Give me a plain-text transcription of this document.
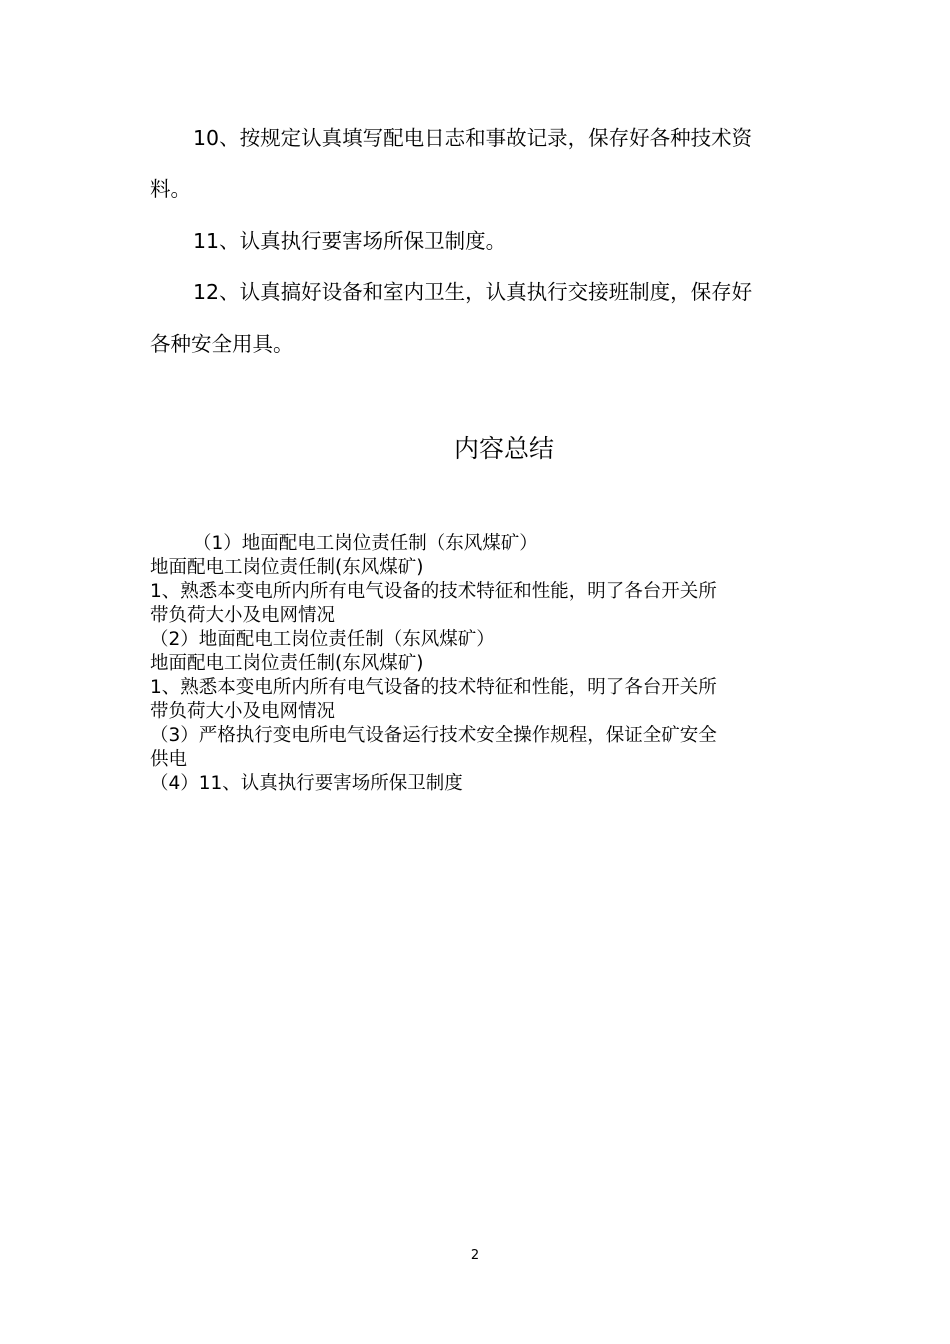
10、按规定认真填写配电日志和事故记录，保存好各种技术资
料。
11、认真执行要害场所保卫制度。
12、认真搞好设备和室内卫生，认真执行交接班制度，保存好
各种安全用具。
内容总结
（1）地面配电工岗位责任制（东风煤矿）
地面配电工岗位责任制(东风煤矿)
1、熟悉本变电所内所有电气设备的技术特征和性能，明了各台开关所
带负荷大小及电网情况
（2）地面配电工岗位责任制（东风煤矿）
地面配电工岗位责任制(东风煤矿)
1、熟悉本变电所内所有电气设备的技术特征和性能，明了各台开关所
带负荷大小及电网情况
（3）严格执行变电所电气设备运行技术安全操作规程，保证全矿安全
供电
（4）11、认真执行要害场所保卫制度
2
